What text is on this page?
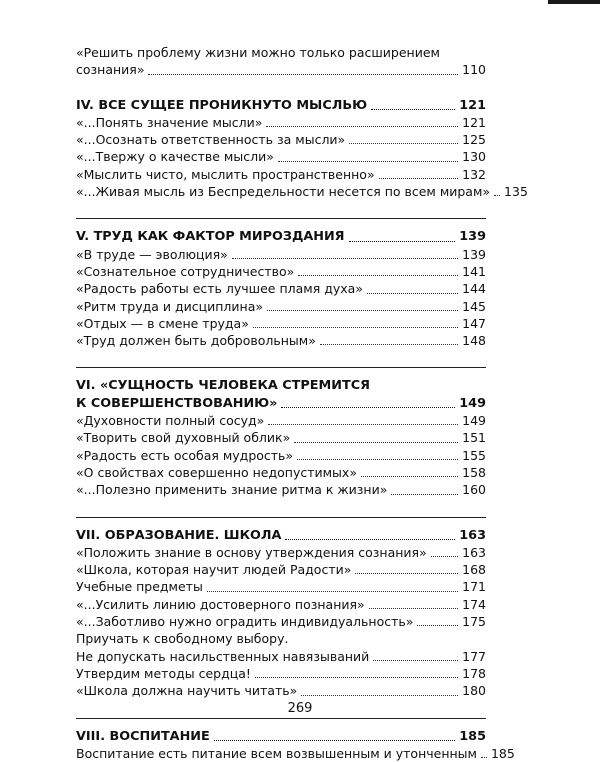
«Решить проблему жизни можно только расширением
сознания»	110
IV. ВСЕ СУЩЕЕ ПРОНИКНУТО МЫСЛЬЮ	121
«...Понять значение мысли»	121
«...Осознать ответственность за мысли»	125
«...Твержу о качестве мысли»	130
«Мыслить чисто, мыслить пространственно»	132
«...Живая мысль из Беспредельности несется по всем мирам» 135
V. ТРУД КАК ФАКТОР МИРОЗДАНИЯ	139
«В труде — эволюция»	139
«Сознательное сотрудничество»	141
«Радость работы есть лучшее пламя духа»	144
«Ритм труда и дисциплина»	145
«Отдых — в смене труда»	147
«Труд должен быть добровольным»	148
VI. «СУЩНОСТЬ ЧЕЛОВЕКА СТРЕМИТСЯ
К СОВЕРШЕНСТВОВАНИЮ»	149
«Духовности полный сосуд»	149
«Творить свой духовный облик»	151
«Радость есть особая мудрость»	155
«О свойствах совершенно недопустимых»	158
«...Полезно применить знание ритма к жизни»	160
VII. ОБРАЗОВАНИЕ. ШКОЛА	163
«Положить знание в основу утверждения сознания»	163
«Школа, которая научит людей Радости»	168
Учебные предметы	171
«...Усилить линию достоверного познания»	174
«...Заботливо нужно оградить индивидуальность»	175
Приучать к свободному выбору.
Не допускать насильственных навязываний	177
Утвердим методы сердца!	178
«Школа должна научить читать»	180
VIII. ВОСПИТАНИЕ	185
Воспитание есть питание всем возвышенным и утонченным 185
269
